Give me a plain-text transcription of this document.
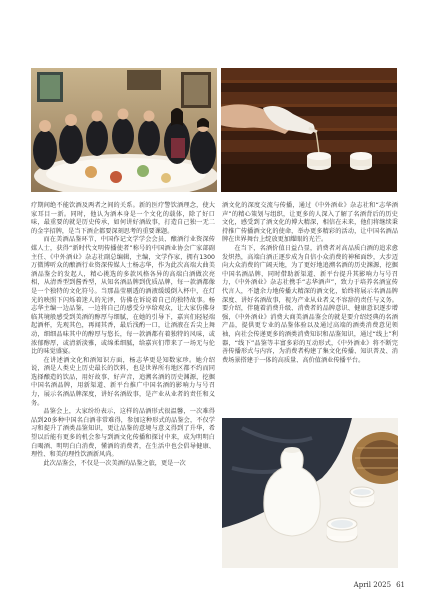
疗期间绝不能饮酒及两者之间的关系。新的医疗警饮酒理念，使大家耳目一新。同时，他认为酒本身是一个文化的载体，除了好口味，最重要的就是历史传承，如何讲好酒故事，打造自己独一无二的金字招牌，是当下酒企都要深刻思考的重要课题。

而在美酒品鉴环节，中国作记文学学会会员、酿酒行业资深传媒人士，获得“新时代文明传播使者”称号的中国酒业协会广家部副主任、《中外酒业》杂志社副总编辑，主编，文学作家，拥有1300万微博听众的酿酒行业资深传媒人士杨志华，作为此次高端大曲美酒品鉴会的发起人，精心挑选的多款风格各异的高端白酒做次亮相，从清香型到酱香型，从知名酒品牌到优质品牌，每一款酒都像是一个独特的文化符号。当那晶莹剔透的酒液缓缓倒入杯中，在灯光的映照下闪烁着迷人的光泽，仿佛在诉说着自己的独特故事。杨志华主编一边品鉴，一边将自己的感受分享给观众，让大家仿佛身临其境般感受到美酒的醇厚与细腻，在她的引导下，嘉宾们轻轻端起酒杯，先观其色，再闻其香，最后浅酌一口，让酒液在舌尖上舞动，细细品味其中的醇厚与悠长，每一款酒都有着独特的风味，或浓郁醇厚，或清新淡雅，或绵柔细腻，给嘉宾们带来了一场无与伦比的味觉盛宴。

在讲述酒文化和酒知识方面，杨志华更是知数家珍。她介绍说，酒是人类史上历史最长的饮料，也是世界所有地区都不约而同选择酿造的饮品，用好故事、好声音，追溯名酒的历史渊源，挖掘中国名酒品牌，用新渠道、新平台推广中国名酒的影响力与号召力，展示名酒品牌深度，讲好名酒故事，是产业从业者的责任和义务。

品鉴会上，大家纷纷表示，这样的品酒形式很温馨，一次难得品到20多种中国名白酒非常难得，参加这种形式的品鉴会，不仅学习和提升了酒类品鉴知识，更让品鉴的意境与意义得到了升华，希望以后能有更多的机会参与到酒文化传播和探讨中来，成为明明白白喝酒、明明白白消费，懂酒的消费者，在生活中也会倡导健康、理性、和美的理性饮酒新风尚。

此次品鉴会，不仅是一次美酒的品鉴之旅，更是一次

酒文化的深度交流与传播，通过《中外酒业》杂志社和“志华酒声”的精心策划与组织，让更多的人深入了解了名酒背后的历史文化，感受到了酒文化的博大精深，相信在未来，他们将继续秉持推广传播酒文化的使命，举办更多精彩的活动，让中国名酒品牌在世界舞台上绽放更加耀眼的光芒。

在当下，名酒价值日益凸显，消费者对高品质白酒的追求愈发炽热，高端白酒正逐步成为自信小众消费的神秘面纱，大步迈向大众消费的广阔天地，为了更好地追溯名酒的历史渊源，挖掘中国名酒品牌，同时借助新渠道、新平台提升其影响力与号召力，《中外酒业》杂志社携手“志华酒声”，致力于培养名酒宣传代言人，不遗余力地传播大精深的酒文化，始终将展示名酒品牌深度、讲好名酒故事，视为产业从业者义不容辞的责任与义务。要介绍，伴随着消费升级、消费者的品牌意识、健康意识逐步增强，《中外酒业》消费大商美酒品鉴会的就是要介绍经典的名酒产品，提供更专业的品鉴体验以及通过高端的酒类消费意见领袖，向社会传递更多的酒类消费知识和品鉴知识，通过“线上”利器，“线下”品鉴等丰富多彩的互动形式，《中外酒业》将不断完善传播形式与内容，为消费者构建了集文化传播、知识普及、消费场景搭建于一体的高质量、高价值酒业传播平台。

April 2025 61
